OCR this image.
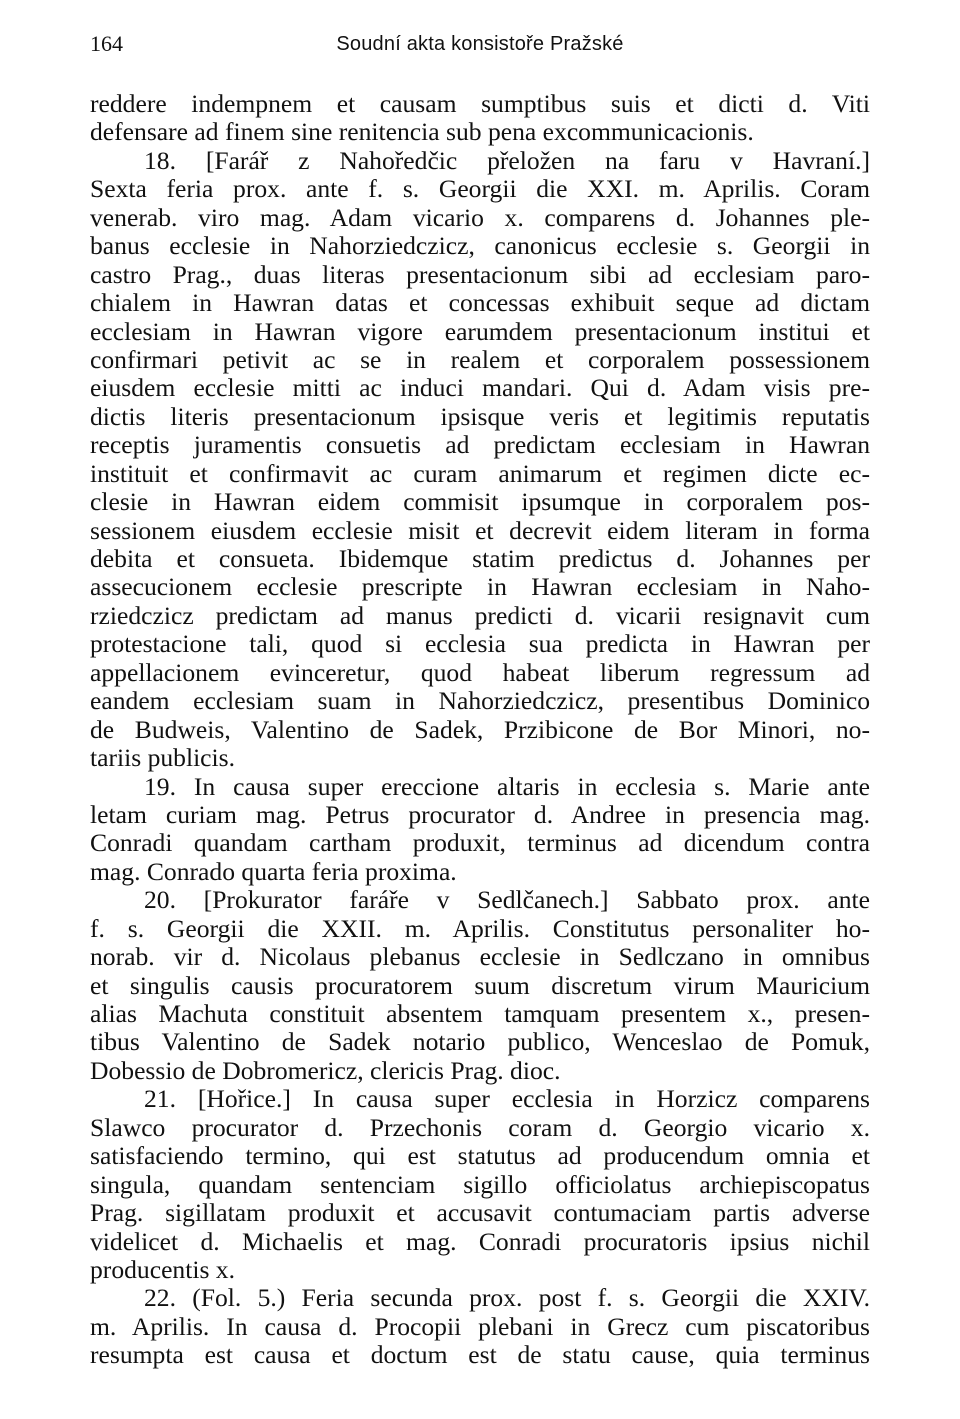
164	Soudní akta konsistoře Pražské
reddere indempnem et causam sumptibus suis et dicti d. Viti
defensare ad finem sine renitencia sub pena excommunicacionis.
18. [Farář z Nahoředčic přeložen na faru v Havraní.]
Sexta feria prox. ante f. s. Georgii die XXI. m. Aprilis. Coram
venerab. viro mag. Adam vicario x. comparens d. Johannes ple-
banus ecclesie in Nahorziedczicz, canonicus ecclesie s. Georgii in
castro Prag., duas literas presentacionum sibi ad ecclesiam paro-
chialem in Hawran datas et concessas exhibuit seque ad dictam
ecclesiam in Hawran vigore earumdem presentacionum institui et
confirmari petivit ac se in realem et corporalem possessionem
eiusdem ecclesie mitti ac induci mandari. Qui d. Adam visis pre-
dictis literis presentacionum ipsisque veris et legitimis reputatis
receptis juramentis consuetis ad predictam ecclesiam in Hawran
instituit et confirmavit ac curam animarum et regimen dicte ec-
clesie in Hawran eidem commisit ipsumque in corporalem pos-
sessionem eiusdem ecclesie misit et decrevit eidem literam in forma
debita et consueta. Ibidemque statim predictus d. Johannes per
assecucionem ecclesie prescripte in Hawran ecclesiam in Naho-
rziedczicz predictam ad manus predicti d. vicarii resignavit cum
protestacione tali, quod si ecclesia sua predicta in Hawran per
appellacionem evinceretur, quod habeat liberum regressum ad
eandem ecclesiam suam in Nahorziedczicz, presentibus Dominico
de Budweis, Valentino de Sadek, Przibicone de Bor Minori, no-
tariis publicis.
19. In causa super ereccione altaris in ecclesia s. Marie ante
letam curiam mag. Petrus procurator d. Andree in presencia mag.
Conradi quandam cartham produxit, terminus ad dicendum contra
mag. Conrado quarta feria proxima.
20. [Prokurator faráře v Sedlčanech.] Sabbato prox. ante
f. s. Georgii die XXII. m. Aprilis. Constitutus personaliter ho-
norab. vir d. Nicolaus plebanus ecclesie in Sedlczano in omnibus
et singulis causis procuratorem suum discretum virum Mauricium
alias Machuta constituit absentem tamquam presentem x., presen-
tibus Valentino de Sadek notario publico, Wenceslao de Pomuk,
Dobessio de Dobromericz, clericis Prag. dioc.
21. [Hořice.] In causa super ecclesia in Horzicz comparens
Slawco procurator d. Przechonis coram d. Georgio vicario x.
satisfaciendo termino, qui est statutus ad producendum omnia et
singula, quandam sentenciam sigillo officiolatus archiepiscopatus
Prag. sigillatam produxit et accusavit contumaciam partis adverse
videlicet d. Michaelis et mag. Conradi procuratoris ipsius nichil
producentis x.
22. (Fol. 5.) Feria secunda prox. post f. s. Georgii die XXIV.
m. Aprilis. In causa d. Procopii plebani in Grecz cum piscatoribus
resumpta est causa et doctum est de statu cause, quia terminus
